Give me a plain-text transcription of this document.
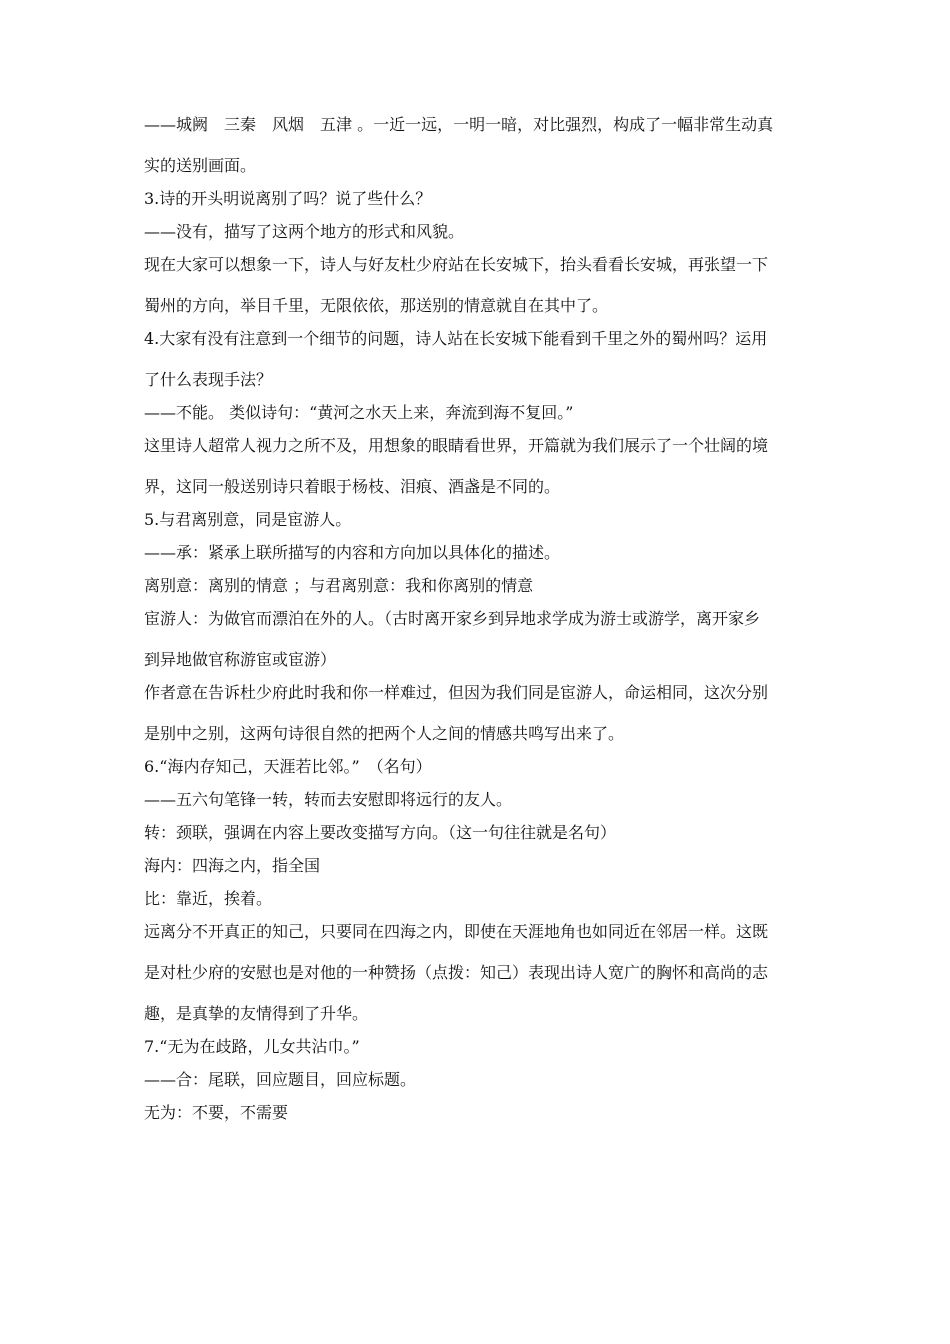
——城阙　三秦　风烟　五津 。一近一远，一明一暗，对比强烈，构成了一幅非常生动真

实的送别画面。

3.诗的开头明说离别了吗？说了些什么？

——没有，描写了这两个地方的形式和风貌。

现在大家可以想象一下，诗人与好友杜少府站在长安城下，抬头看看长安城，再张望一下

蜀州的方向，举目千里，无限依依，那送别的情意就自在其中了。

4.大家有没有注意到一个细节的问题，诗人站在长安城下能看到千里之外的蜀州吗？运用

了什么表现手法？

——不能。 类似诗句：“黄河之水天上来，奔流到海不复回。”

这里诗人超常人视力之所不及，用想象的眼睛看世界，开篇就为我们展示了一个壮阔的境

界，这同一般送别诗只着眼于杨枝、泪痕、酒盏是不同的。

5.与君离别意，同是宦游人。

——承：紧承上联所描写的内容和方向加以具体化的描述。

离别意：离别的情意 ；与君离别意：我和你离别的情意

宦游人：为做官而漂泊在外的人。（古时离开家乡到异地求学成为游士或游学，离开家乡

到异地做官称游宦或宦游）

作者意在告诉杜少府此时我和你一样难过，但因为我们同是宦游人，命运相同，这次分别

是别中之别，这两句诗很自然的把两个人之间的情感共鸣写出来了。

6.“海内存知己，天涯若比邻。”　（名句）

——五六句笔锋一转，转而去安慰即将远行的友人。

转：颈联，强调在内容上要改变描写方向。（这一句往往就是名句）

海内：四海之内，指全国

比：靠近，挨着。

远离分不开真正的知己，只要同在四海之内，即使在天涯地角也如同近在邻居一样。这既

是对杜少府的安慰也是对他的一种赞扬（点拨：知己）表现出诗人宽广的胸怀和高尚的志

趣，是真挚的友情得到了升华。

7.“无为在歧路，儿女共沾巾。”

——合：尾联，回应题目，回应标题。

无为：不要，不需要
